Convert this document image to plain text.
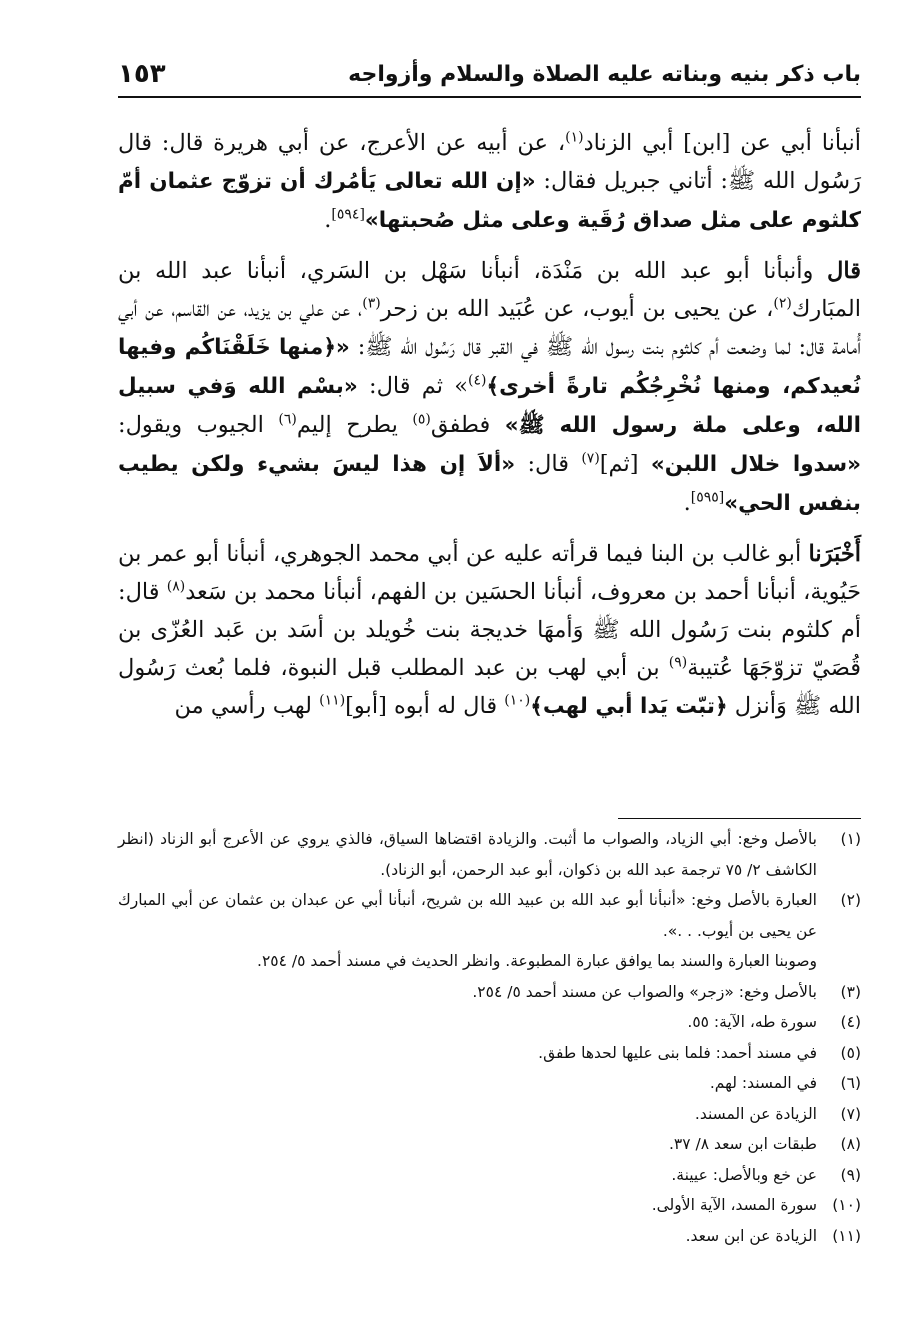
باب ذكر بنيه وبناته عليه الصلاة والسلام وأزواجه
١٥٣

أنبأنا أبي عن [ابن] أبي الزناد$^{(١)}$، عن أبيه عن الأعرج، عن أبي هريرة قال: قال رَسُول الله ﷺ: أتاني جبريل فقال: «إن الله تعالى يَأمُرك أن تزوّج عثمان أمّ كلثوم على مثل صداق رُقَية وعلى مثل صُحبتها»[٥٩٤].

قال وأنبأنا أبو عبد الله بن مَنْدَة، أنبأنا سَهْل بن السَري، أنبأنا عبد الله بن المبَارك$^{(٢)}$، عن يحيى بن أيوب، عن عُبَيد الله بن زحر$^{(٣)}$، عن علي بن يزيد، عن القاسم، عن أبي أُمامة قال: لما وضعت أم كلثوم بنت رسول الله ﷺ في القبر قال رَسُول الله ﷺ: «﴿منها خَلَقْنَاكُم وفيها نُعيدكم، ومنها نُخْرِجُكُم تارةً أخرى﴾$^{(٤)}$» ثم قال: «بسْم الله وَفي سبيل الله، وعلى ملة رسول الله ﷺ» فطفق$^{(٥)}$ يطرح إليم$^{(٦)}$ الجيوب ويقول: «سدوا خلال اللبن» [ثم]$^{(٧)}$ قال: «ألاَ إن هذا ليسَ بشيء ولكن يطيب بنفس الحي»[٥٩٥].

أَخْبَرَنا أبو غالب بن البنا فيما قرأته عليه عن أبي محمد الجوهري، أنبأنا أبو عمر بن حَيُوية، أنبأنا أحمد بن معروف، أنبأنا الحسَين بن الفهم، أنبأنا محمد بن سَعد$^{(٨)}$ قال: أم كلثوم بنت رَسُول الله ﷺ وَأمهَا خديجة بنت خُويلد بن أسَد بن عَبد العُزّى بن قُصَيّ تزوّجَهَا عُتيبة$^{(٩)}$ بن أبي لهب بن عبد المطلب قبل النبوة، فلما بُعث رَسُول الله ﷺ وَأنزل ﴿تبّت يَدا أبي لهب﴾$^{(١٠)}$ قال له أبوه [أبو]$^{(١١)}$ لهب رأسي من

(١)
بالأصل وخع: أبي الزياد، والصواب ما أثبت. والزيادة اقتضاها السياق، فالذي يروي عن الأعرج أبو الزناد (انظر الكاشف ٢/ ٧٥ ترجمة عبد الله بن ذكوان، أبو عبد الرحمن، أبو الزناد).
(٢)
العبارة بالأصل وخع: «أنبأنا أبو عبد الله بن عبيد الله بن شريح، أنبأنا أبي عن عبدان بن عثمان عن أبي المبارك عن يحيى بن أيوب. . .».
وصوبنا العبارة والسند بما يوافق عبارة المطبوعة. وانظر الحديث في مسند أحمد ٥/ ٢٥٤.
(٣)
بالأصل وخع: «زجر» والصواب عن مسند أحمد ٥/ ٢٥٤.
(٤)
سورة طه، الآية: ٥٥.
(٥)
في مسند أحمد: فلما بنى عليها لحدها طفق.
(٦)
في المسند: لهم.
(٧)
الزيادة عن المسند.
(٨)
طبقات ابن سعد ٨/ ٣٧.
(٩)
عن خع وبالأصل: عيينة.
(١٠)
سورة المسد، الآية الأولى.
(١١)
الزيادة عن ابن سعد.
